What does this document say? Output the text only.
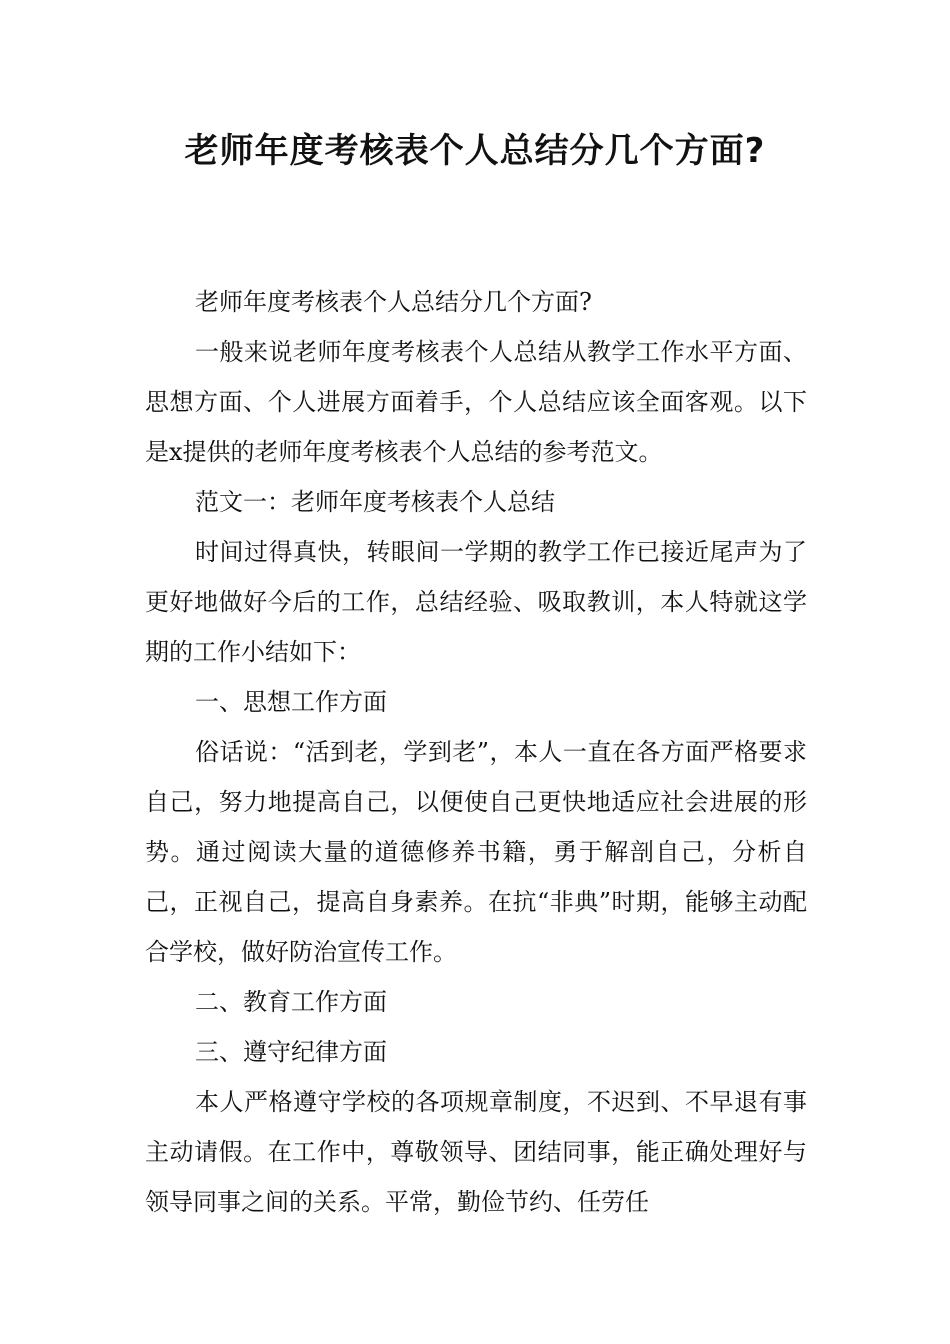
老师年度考核表个人总结分几个方面?

老师年度考核表个人总结分几个方面?

一般来说老师年度考核表个人总结从教学工作水平方面、思想方面、个人进展方面着手，个人总结应该全面客观。以下是x提供的老师年度考核表个人总结的参考范文。

范文一：老师年度考核表个人总结

时间过得真快，转眼间一学期的教学工作已接近尾声为了更好地做好今后的工作，总结经验、吸取教训，本人特就这学期的工作小结如下：

一、思想工作方面

俗话说：“活到老，学到老”，本人一直在各方面严格要求自己，努力地提高自己，以便使自己更快地适应社会进展的形势。通过阅读大量的道德修养书籍，勇于解剖自己，分析自己，正视自己，提高自身素养。在抗“非典”时期，能够主动配合学校，做好防治宣传工作。

二、教育工作方面

三、遵守纪律方面

本人严格遵守学校的各项规章制度，不迟到、不早退有事主动请假。在工作中，尊敬领导、团结同事，能正确处理好与领导同事之间的关系。平常，勤俭节约、任劳任
